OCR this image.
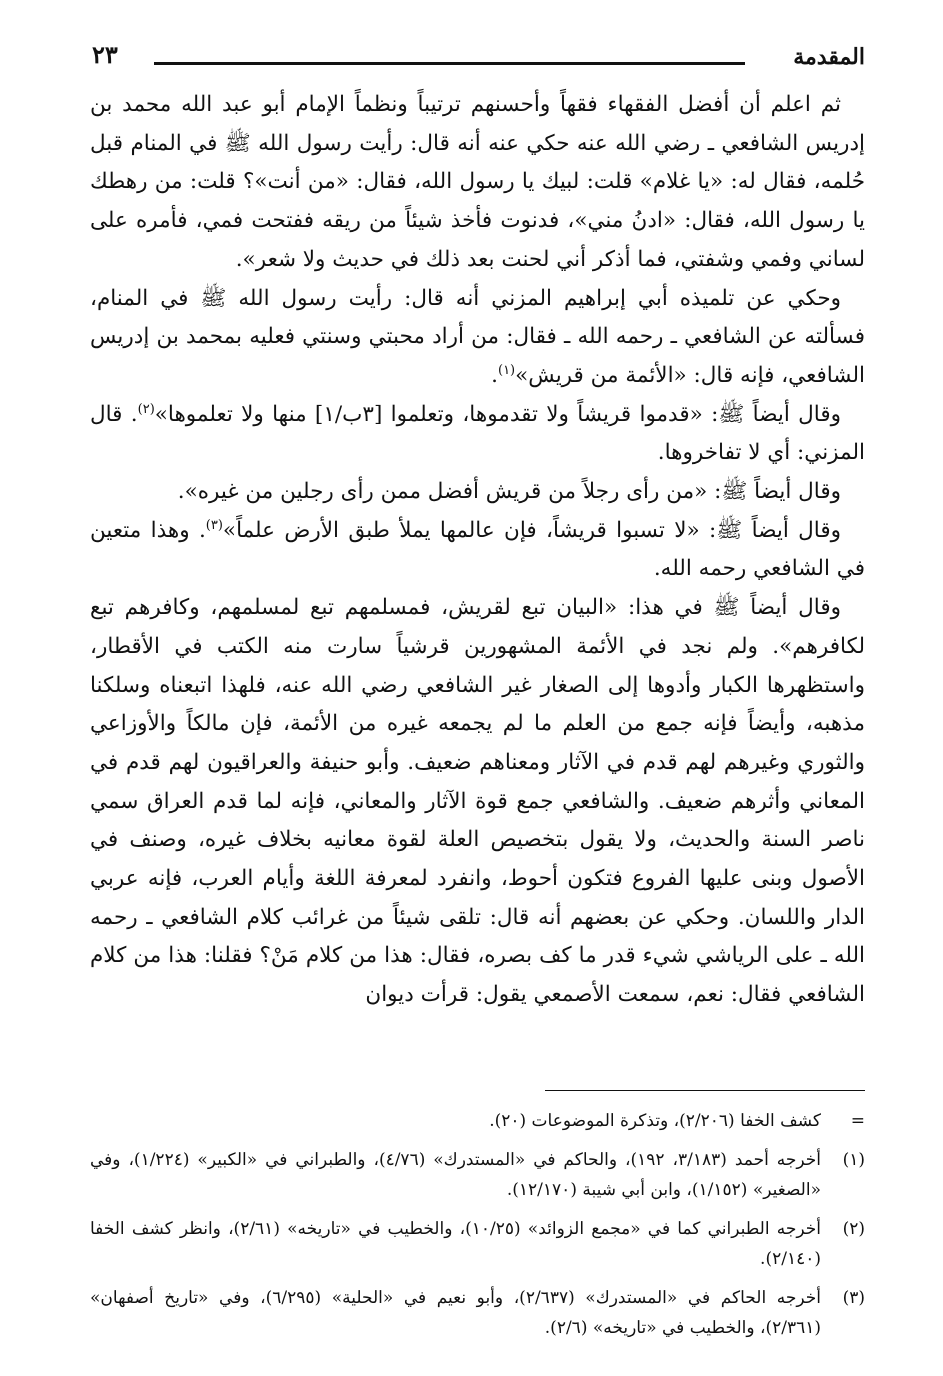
المقدمة
٢٣

ثم اعلم أن أفضل الفقهاء فقهاً وأحسنهم ترتيباً ونظماً الإمام أبو عبد الله محمد بن إدريس الشافعي ـ رضي الله عنه حكي عنه أنه قال: رأيت رسول الله ﷺ في المنام قبل حُلمه، فقال له: «يا غلام» قلت: لبيك يا رسول الله، فقال: «من أنت»؟ قلت: من رهطك يا رسول الله، فقال: «ادنُ مني»، فدنوت فأخذ شيئاً من ريقه ففتحت فمي، فأمره على لساني وفمي وشفتي، فما أذكر أني لحنت بعد ذلك في حديث ولا شعر».

وحكي عن تلميذه أبي إبراهيم المزني أنه قال: رأيت رسول الله ﷺ في المنام، فسألته عن الشافعي ـ رحمه الله ـ فقال: من أراد محبتي وسنتي فعليه بمحمد بن إدريس الشافعي، فإنه قال: «الأئمة من قريش»$^{(١)}$.

وقال أيضاً ﷺ: «قدموا قريشاً ولا تقدموها، وتعلموا [٣ب/١] منها ولا تعلموها»$^{(٢)}$. قال المزني: أي لا تفاخروها.

وقال أيضاً ﷺ: «من رأى رجلاً من قريش أفضل ممن رأى رجلين من غيره».

وقال أيضاً ﷺ: «لا تسبوا قريشاً، فإن عالمها يملأ طبق الأرض علماً»$^{(٣)}$. وهذا متعين في الشافعي رحمه الله.

وقال أيضاً ﷺ في هذا: «البيان تبع لقريش، فمسلمهم تبع لمسلمهم، وكافرهم تبع لكافرهم». ولم نجد في الأئمة المشهورين قرشياً سارت منه الكتب في الأقطار، واستظهرها الكبار وأدوها إلى الصغار غير الشافعي رضي الله عنه، فلهذا اتبعناه وسلكنا مذهبه، وأيضاً فإنه جمع من العلم ما لم يجمعه غيره من الأئمة، فإن مالكاً والأوزاعي والثوري وغيرهم لهم قدم في الآثار ومعناهم ضعيف. وأبو حنيفة والعراقيون لهم قدم في المعاني وأثرهم ضعيف. والشافعي جمع قوة الآثار والمعاني، فإنه لما قدم العراق سمي ناصر السنة والحديث، ولا يقول بتخصيص العلة لقوة معانيه بخلاف غيره، وصنف في الأصول وبنى عليها الفروع فتكون أحوط، وانفرد لمعرفة اللغة وأيام العرب، فإنه عربي الدار واللسان. وحكي عن بعضهم أنه قال: تلقى شيئاً من غرائب كلام الشافعي ـ رحمه الله ـ على الرياشي شيء قدر ما كف بصره، فقال: هذا من كلام مَنْ؟ فقلنا: هذا من كلام الشافعي فقال: نعم، سمعت الأصمعي يقول: قرأت ديوان

=
كشف الخفا (٢/٢٠٦)، وتذكرة الموضوعات (٢٠).
(١)
أخرجه أحمد (٣/١٨٣، ١٩٢)، والحاكم في «المستدرك» (٤/٧٦)، والطبراني في «الكبير» (١/٢٢٤)، وفي «الصغير» (١/١٥٢)، وابن أبي شيبة (١٢/١٧٠).
(٢)
أخرجه الطبراني كما في «مجمع الزوائد» (١٠/٢٥)، والخطيب في «تاريخه» (٢/٦١)، وانظر كشف الخفا (٢/١٤٠).
(٣)
أخرجه الحاكم في «المستدرك» (٢/٦٣٧)، وأبو نعيم في «الحلية» (٦/٢٩٥)، وفي «تاريخ أصفهان» (٢/٣٦١)، والخطيب في «تاريخه» (٢/٦).
